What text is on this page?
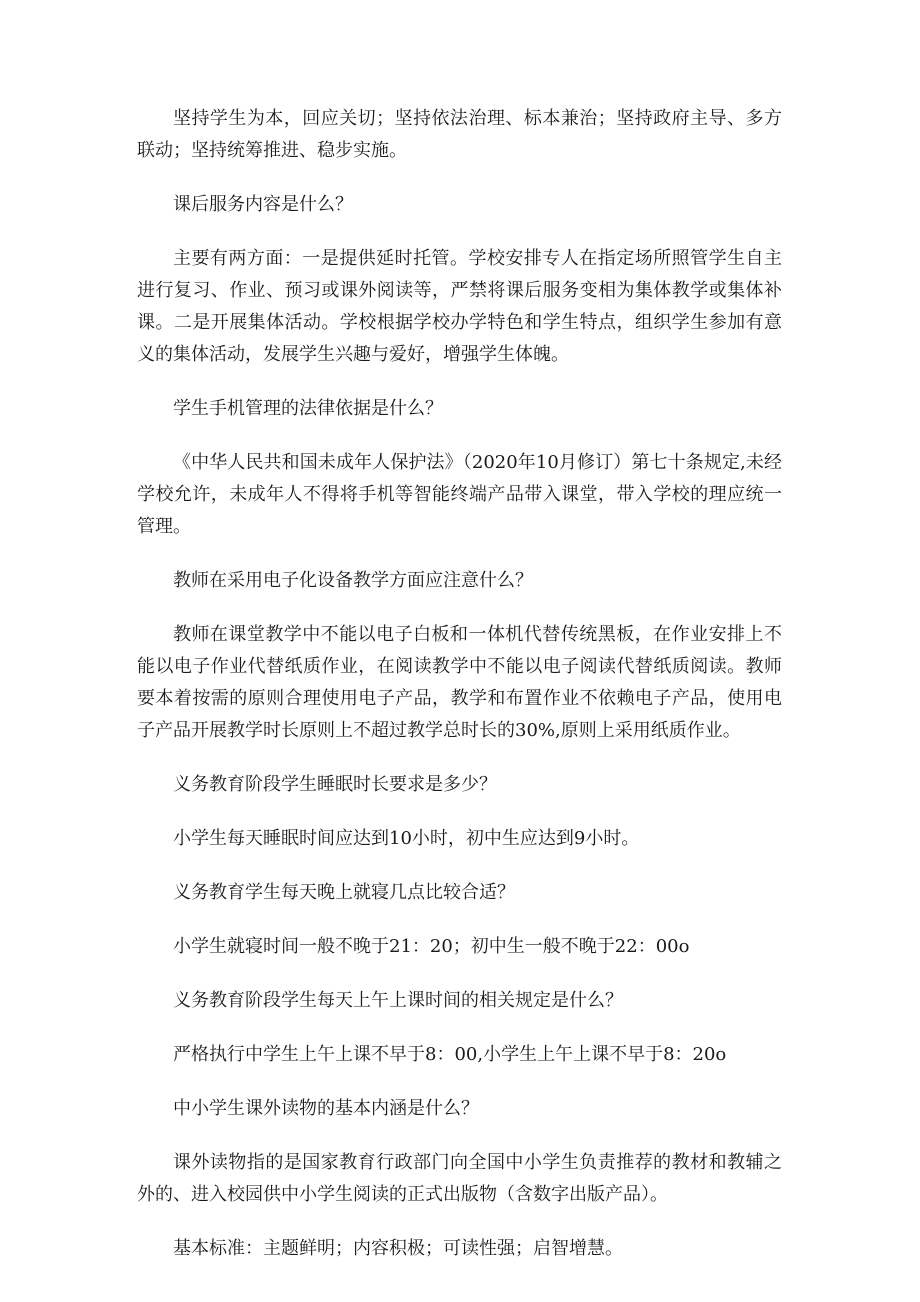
坚持学生为本，回应关切；坚持依法治理、标本兼治；坚持政府主导、多方联动；坚持统筹推进、稳步实施。

课后服务内容是什么？

主要有两方面：一是提供延时托管。学校安排专人在指定场所照管学生自主进行复习、作业、预习或课外阅读等，严禁将课后服务变相为集体教学或集体补课。二是开展集体活动。学校根据学校办学特色和学生特点，组织学生参加有意义的集体活动，发展学生兴趣与爱好，增强学生体魄。

学生手机管理的法律依据是什么？

《中华人民共和国未成年人保护法》（2020年10月修订）第七十条规定,未经学校允许，未成年人不得将手机等智能终端产品带入课堂，带入学校的理应统一管理。

教师在采用电子化设备教学方面应注意什么？

教师在课堂教学中不能以电子白板和一体机代替传统黑板，在作业安排上不能以电子作业代替纸质作业，在阅读教学中不能以电子阅读代替纸质阅读。教师要本着按需的原则合理使用电子产品，教学和布置作业不依赖电子产品，使用电子产品开展教学时长原则上不超过教学总时长的30%,原则上采用纸质作业。

义务教育阶段学生睡眠时长要求是多少？

小学生每天睡眠时间应达到10小时，初中生应达到9小时。

义务教育学生每天晚上就寝几点比较合适？

小学生就寝时间一般不晚于21：20；初中生一般不晚于22：00o

义务教育阶段学生每天上午上课时间的相关规定是什么？

严格执行中学生上午上课不早于8：00,小学生上午上课不早于8：20o

中小学生课外读物的基本内涵是什么？

课外读物指的是国家教育行政部门向全国中小学生负责推荐的教材和教辅之外的、进入校园供中小学生阅读的正式出版物（含数字出版产品）。

基本标准：主题鲜明；内容积极；可读性强；启智增慧。
